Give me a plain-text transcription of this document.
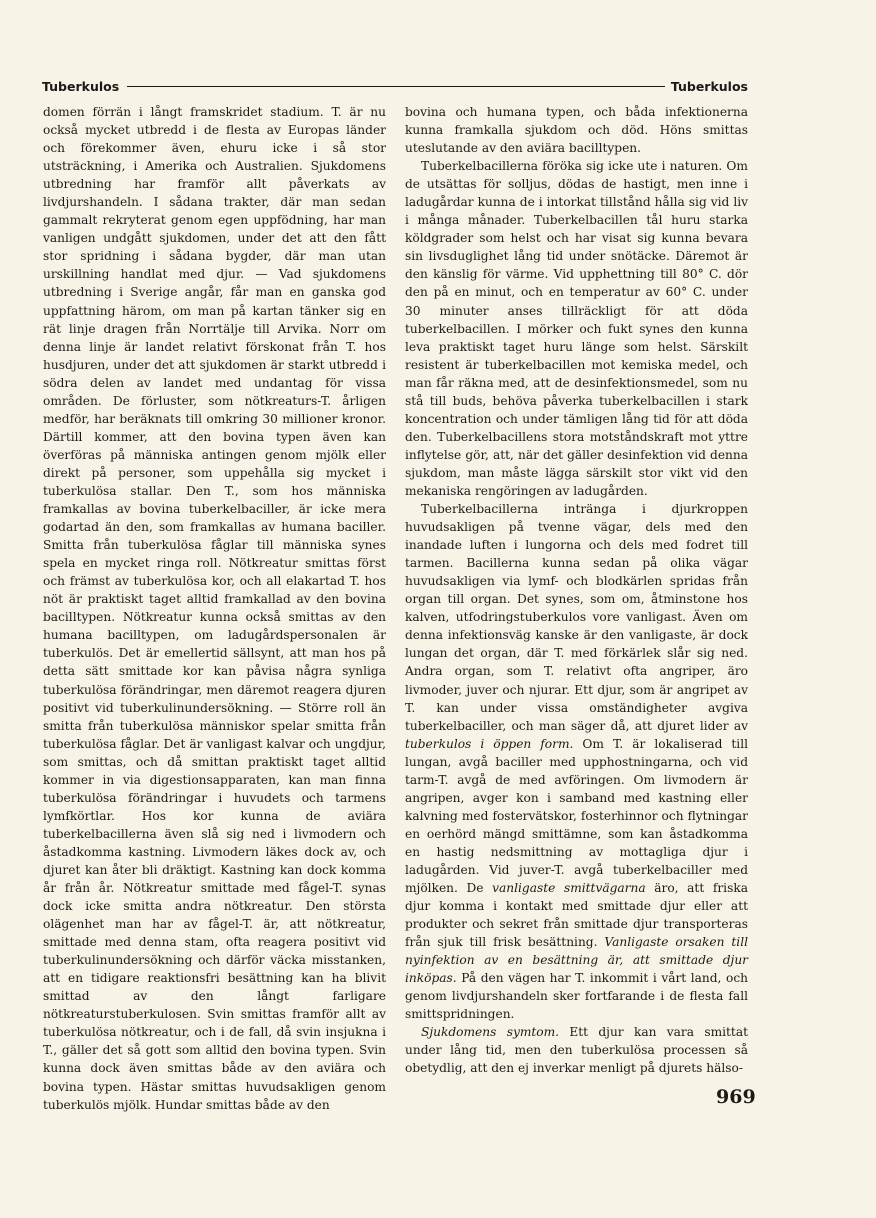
Tuberkulos	Tuberkulos

domen förrän i långt framskridet stadium. T. är nu också mycket utbredd i de flesta av Europas länder och förekommer även, ehuru icke i så stor utsträckning, i Amerika och Australien. Sjukdomens utbredning har framför allt påverkats av livdjurshandeln. I sådana trakter, där man sedan gammalt rekryterat genom egen uppfödning, har man vanligen undgått sjukdomen, under det att den fått stor spridning i sådana bygder, där man utan urskillning handlat med djur. — Vad sjukdomens utbredning i Sverige angår, får man en ganska god uppfattning härom, om man på kartan tänker sig en rät linje dragen från Norrtälje till Arvika. Norr om denna linje är landet relativt förskonat från T. hos husdjuren, under det att sjukdomen är starkt utbredd i södra delen av landet med undantag för vissa områden. De förluster, som nötkreaturs-T. årligen medför, har beräknats till omkring 30 millioner kronor. Därtill kommer, att den bovina typen även kan överföras på människa antingen genom mjölk eller direkt på personer, som uppehålla sig mycket i tuberkulösa stallar. Den T., som hos människa framkallas av bovina tuberkelbaciller, är icke mera godartad än den, som framkallas av humana baciller. Smitta från tuberkulösa fåglar till människa synes spela en mycket ringa roll. Nötkreatur smittas först och främst av tuberkulösa kor, och all elakartad T. hos nöt är praktiskt taget alltid framkallad av den bovina bacilltypen. Nötkreatur kunna också smittas av den humana bacilltypen, om ladugårdspersonalen är tuberkulös. Det är emellertid sällsynt, att man hos på detta sätt smittade kor kan påvisa några synliga tuberkulösa förändringar, men däremot reagera djuren positivt vid tuberkulinundersökning. — Större roll än smitta från tuberkulösa människor spelar smitta från tuberkulösa fåglar. Det är vanligast kalvar och ungdjur, som smittas, och då smittan praktiskt taget alltid kommer in via digestionsapparaten, kan man finna tuberkulösa förändringar i huvudets och tarmens lymfkörtlar. Hos kor kunna de aviära tuberkelbacillerna även slå sig ned i livmodern och åstadkomma kastning. Livmodern läkes dock av, och djuret kan åter bli dräktigt. Kastning kan dock komma år från år. Nötkreatur smittade med fågel-T. synas dock icke smitta andra nötkreatur. Den största olägenhet man har av fågel-T. är, att nötkreatur, smittade med denna stam, ofta reagera positivt vid tuberkulinundersökning och därför väcka misstanken, att en tidigare reaktionsfri besättning kan ha blivit smittad av den långt farligare nötkreaturstuberkulosen. Svin smittas framför allt av tuberkulösa nötkreatur, och i de fall, då svin insjukna i T., gäller det så gott som alltid den bovina typen. Svin kunna dock även smittas både av den aviära och bovina typen. Hästar smittas huvudsakligen genom tuberkulös mjölk. Hundar smittas både av den

bovina och humana typen, och båda infektionerna kunna framkalla sjukdom och död. Höns smittas uteslutande av den aviära bacilltypen.

Tuberkelbacillerna föröka sig icke ute i naturen. Om de utsättas för solljus, dödas de hastigt, men inne i ladugårdar kunna de i intorkat tillstånd hålla sig vid liv i många månader. Tuberkelbacillen tål huru starka köldgrader som helst och har visat sig kunna bevara sin livsduglighet lång tid under snötäcke. Däremot är den känslig för värme. Vid upphettning till 80° C. dör den på en minut, och en temperatur av 60° C. under 30 minuter anses tillräckligt för att döda tuberkelbacillen. I mörker och fukt synes den kunna leva praktiskt taget huru länge som helst. Särskilt resistent är tuberkelbacillen mot kemiska medel, och man får räkna med, att de desinfektionsmedel, som nu stå till buds, behöva påverka tuberkelbacillen i stark koncentration och under tämligen lång tid för att döda den. Tuberkelbacillens stora motståndskraft mot yttre inflytelse gör, att, när det gäller desinfektion vid denna sjukdom, man måste lägga särskilt stor vikt vid den mekaniska rengöringen av ladugården.

Tuberkelbacillerna intränga i djurkroppen huvudsakligen på tvenne vägar, dels med den inandade luften i lungorna och dels med fodret till tarmen. Bacillerna kunna sedan på olika vägar huvudsakligen via lymf- och blodkärlen spridas från organ till organ. Det synes, som om, åtminstone hos kalven, utfodringstuberkulos vore vanligast. Även om denna infektionsväg kanske är den vanligaste, är dock lungan det organ, där T. med förkärlek slår sig ned. Andra organ, som T. relativt ofta angriper, äro livmoder, juver och njurar. Ett djur, som är angripet av T. kan under vissa omständigheter avgiva tuberkelbaciller, och man säger då, att djuret lider av tuberkulos i öppen form. Om T. är lokaliserad till lungan, avgå baciller med upphostningarna, och vid tarm-T. avgå de med avföringen. Om livmodern är angripen, avger kon i samband med kastning eller kalvning med fostervätskor, fosterhinnor och flytningar en oerhörd mängd smittämne, som kan åstadkomma en hastig nedsmittning av mottagliga djur i ladugården. Vid juver-T. avgå tuberkelbaciller med mjölken. De vanligaste smittvägarna äro, att friska djur komma i kontakt med smittade djur eller att produkter och sekret från smittade djur transporteras från sjuk till frisk besättning. Vanligaste orsaken till nyinfektion av en besättning är, att smittade djur inköpas. På den vägen har T. inkommit i vårt land, och genom livdjurshandeln sker fortfarande i de flesta fall smittspridningen.

Sjukdomens symtom. Ett djur kan vara smittat under lång tid, men den tuberkulösa processen så obetydlig, att den ej inverkar menligt på djurets hälso-

969
